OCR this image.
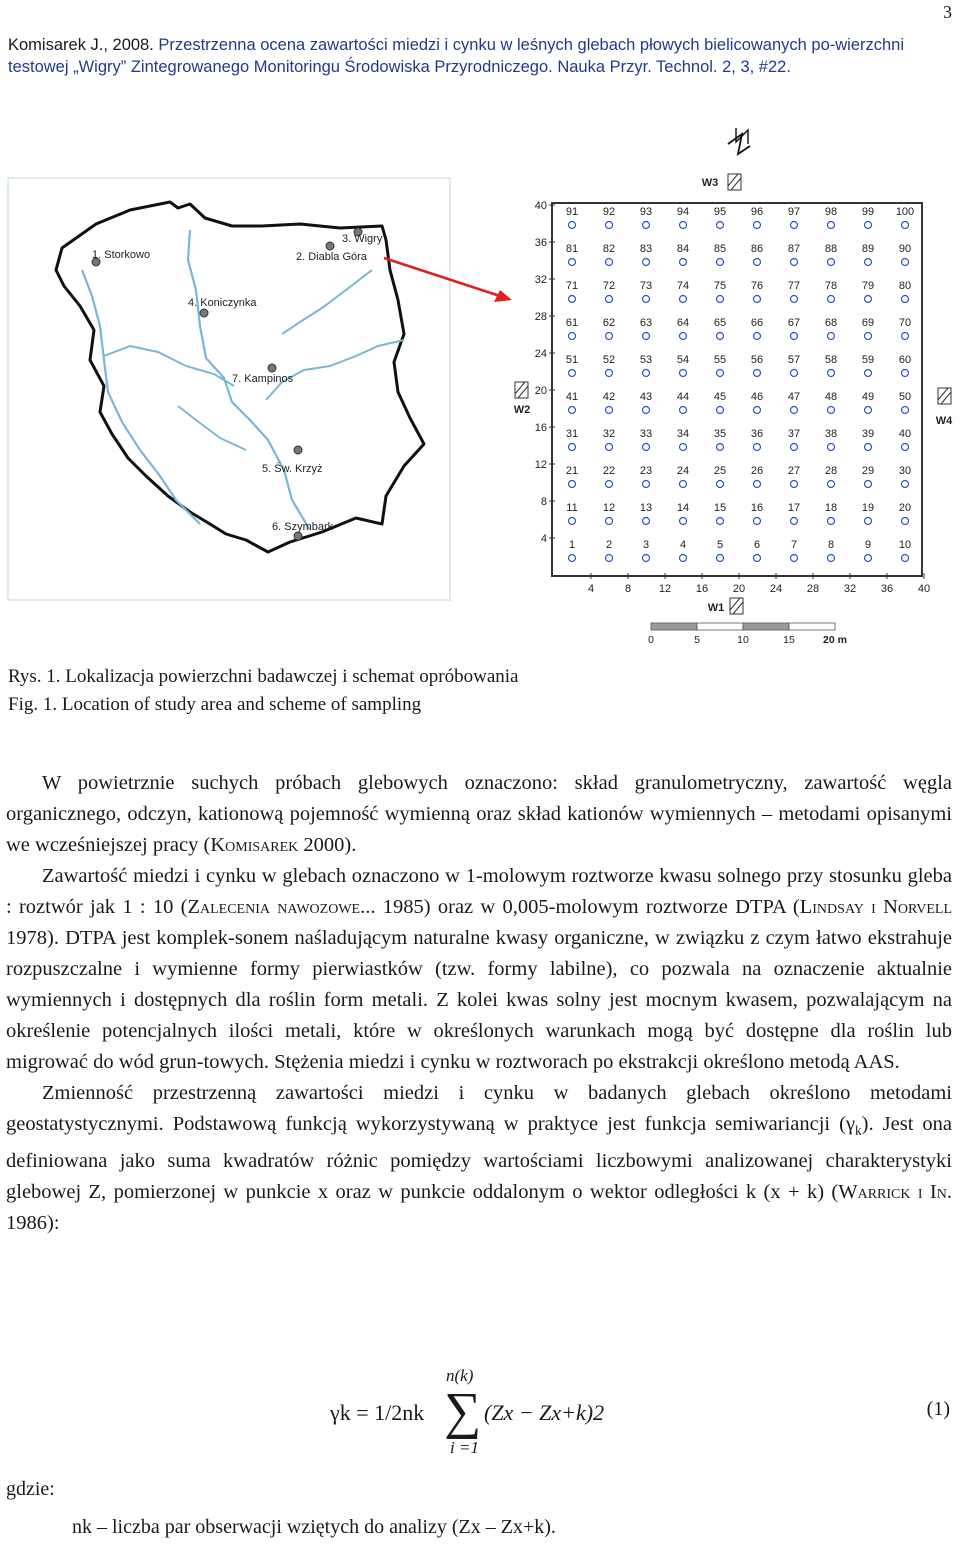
3
Komisarek J., 2008. Przestrzenna ocena zawartości miedzi i cynku w leśnych glebach płowych bielicowanych po-wierzchni testowej „Wigry” Zintegrowanego Monitoringu Środowiska Przyrodniczego. Nauka Przyr. Technol. 2, 3, #22.
1. Storkowo	2. Diabla Góra
3. Wigry
4. Koniczynka
7. Kampinos
5. Św. Krzyż
6. Szymbark
91 92 93 94 95 96 97 98 99 100
81 82 83 84 85 86 87 88 89 90
71 72 73 74 75 76 77 78 79 80
61 62 63 64 65 66 67 68 69 70
51 52 53 54 55 56 57 58 59 60
41 42 43 44 45 46 47 48 49 50
31 32 33 34 35 36 37 38 39 40
21 22 23 24 25 26 27 28 29 30
11 12 13 14 15 16 17 18 19 20
1	2	3	4	5	6	7	8	9	10
40
36
32
28
24
20
16
12
8
4
4	8	12 16 20 24 28 32 36 40
W1
W2
W3
W4
0	5	10	15	20 m
Rys. 1. Lokalizacja powierzchni badawczej i schemat opróbowania
Fig. 1. Location of study area and scheme of sampling

W powietrznie suchych próbach glebowych oznaczono: skład granulometryczny, zawartość węgla organicznego, odczyn, kationową pojemność wymienną oraz skład kationów wymiennych – metodami opisanymi we wcześniejszej pracy (Komisarek 2000).

Zawartość miedzi i cynku w glebach oznaczono w 1-molowym roztworze kwasu solnego przy stosunku gleba : roztwór jak 1 : 10 (Zalecenia nawozowe... 1985) oraz w 0,005-molowym roztworze DTPA (Lindsay i Norvell 1978). DTPA jest komplek-sonem naśladującym naturalne kwasy organiczne, w związku z czym łatwo ekstrahuje rozpuszczalne i wymienne formy pierwiastków (tzw. formy labilne), co pozwala na oznaczenie aktualnie wymiennych i dostępnych dla roślin form metali. Z kolei kwas solny jest mocnym kwasem, pozwalającym na określenie potencjalnych ilości metali, które w określonych warunkach mogą być dostępne dla roślin lub migrować do wód grun-towych. Stężenia miedzi i cynku w roztworach po ekstrakcji określono metodą AAS.

Zmienność przestrzenną zawartości miedzi i cynku w badanych glebach określono metodami geostatystycznymi. Podstawową funkcją wykorzystywaną w praktyce jest funkcja semiwariancji $(\gamma_k)$. Jest ona definiowana jako suma kwadratów różnic pomiędzy wartościami liczbowymi analizowanej charakterystyki glebowej Z, pomierzonej w punkcie x oraz w punkcie oddalonym o wektor odległości k (x + k) (Warrick i In. 1986):

γk = 1/2nk
n(k)
∑
i =1
(Zx − Zx+k)2	(1)
gdzie:
nk – liczba par obserwacji wziętych do analizy (Zx – Zx+k).
